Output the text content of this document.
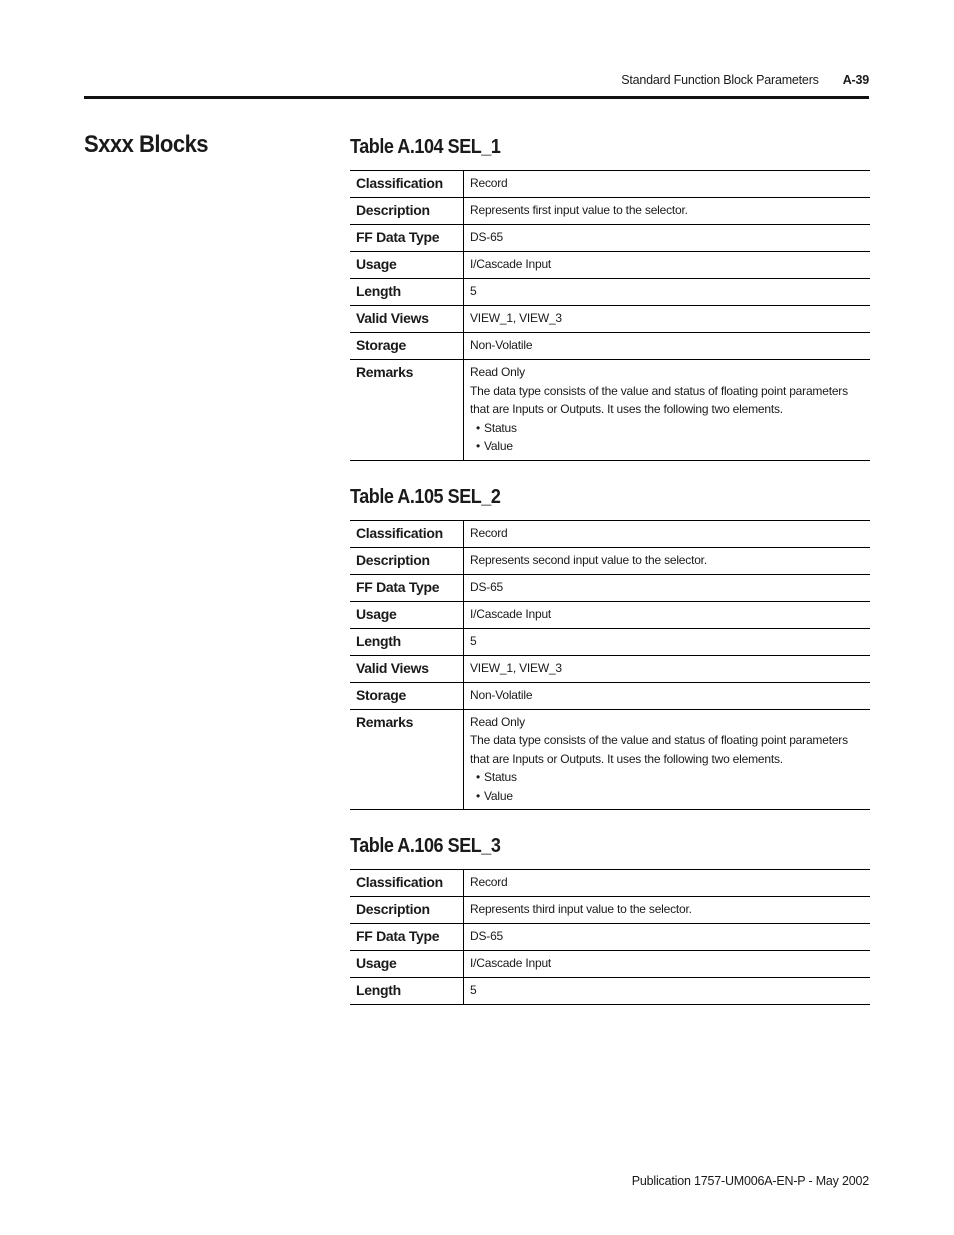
Standard Function Block Parameters A-39
Sxxx Blocks	Table A.104 SEL_1
Classification	Record
Description	Represents first input value to the selector.
FF Data Type	DS-65
Usage	I/Cascade Input
Length	5
Valid Views	VIEW_1, VIEW_3
Storage	Non-Volatile
Remarks	Read Only
The data type consists of the value and status of floating point parameters
that are Inputs or Outputs. It uses the following two elements.
• Status
• Value
Table A.105 SEL_2
Classification	Record
Description	Represents second input value to the selector.
FF Data Type	DS-65
Usage	I/Cascade Input
Length	5
Valid Views	VIEW_1, VIEW_3
Storage	Non-Volatile
Remarks	Read Only
The data type consists of the value and status of floating point parameters
that are Inputs or Outputs. It uses the following two elements.
• Status
• Value
Table A.106 SEL_3
Classification	Record
Description	Represents third input value to the selector.
FF Data Type	DS-65
Usage	I/Cascade Input
Length	5
Publication 1757-UM006A-EN-P - May 2002
